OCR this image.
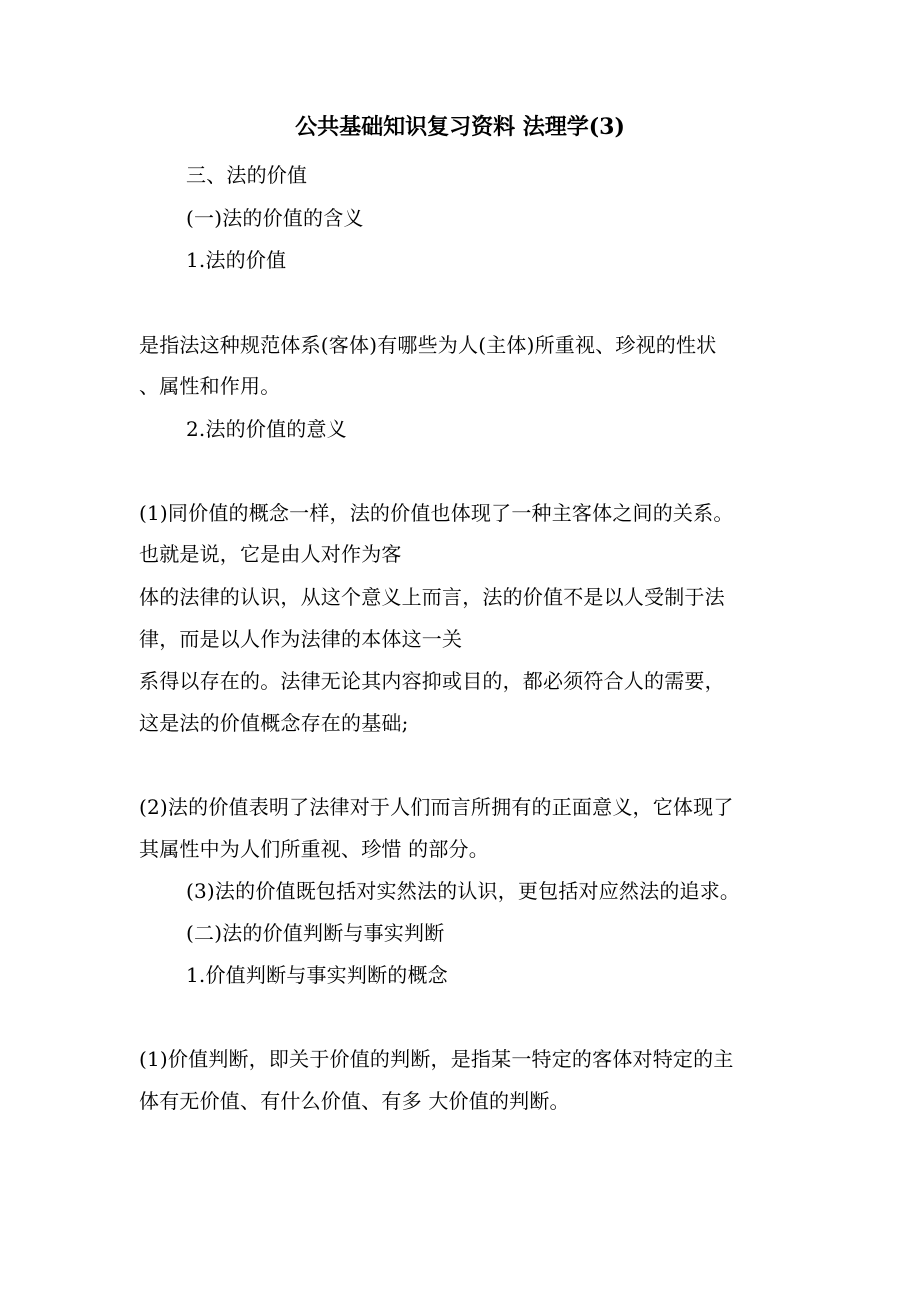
公共基础知识复习资料 法理学(3)
三、法的价值
(一)法的价值的含义
1.法的价值
是指法这种规范体系(客体)有哪些为人(主体)所重视、珍视的性状
、属性和作用。
2.法的价值的意义
(1)同价值的概念一样，法的价值也体现了一种主客体之间的关系。
也就是说，它是由人对作为客
体的法律的认识，从这个意义上而言，法的价值不是以人受制于法
律，而是以人作为法律的本体这一关
系得以存在的。法律无论其内容抑或目的，都必须符合人的需要，
这是法的价值概念存在的基础;
(2)法的价值表明了法律对于人们而言所拥有的正面意义，它体现了
其属性中为人们所重视、珍惜 的部分。
(3)法的价值既包括对实然法的认识，更包括对应然法的追求。
(二)法的价值判断与事实判断
1.价值判断与事实判断的概念
(1)价值判断，即关于价值的判断，是指某一特定的客体对特定的主
体有无价值、有什么价值、有多 大价值的判断。
